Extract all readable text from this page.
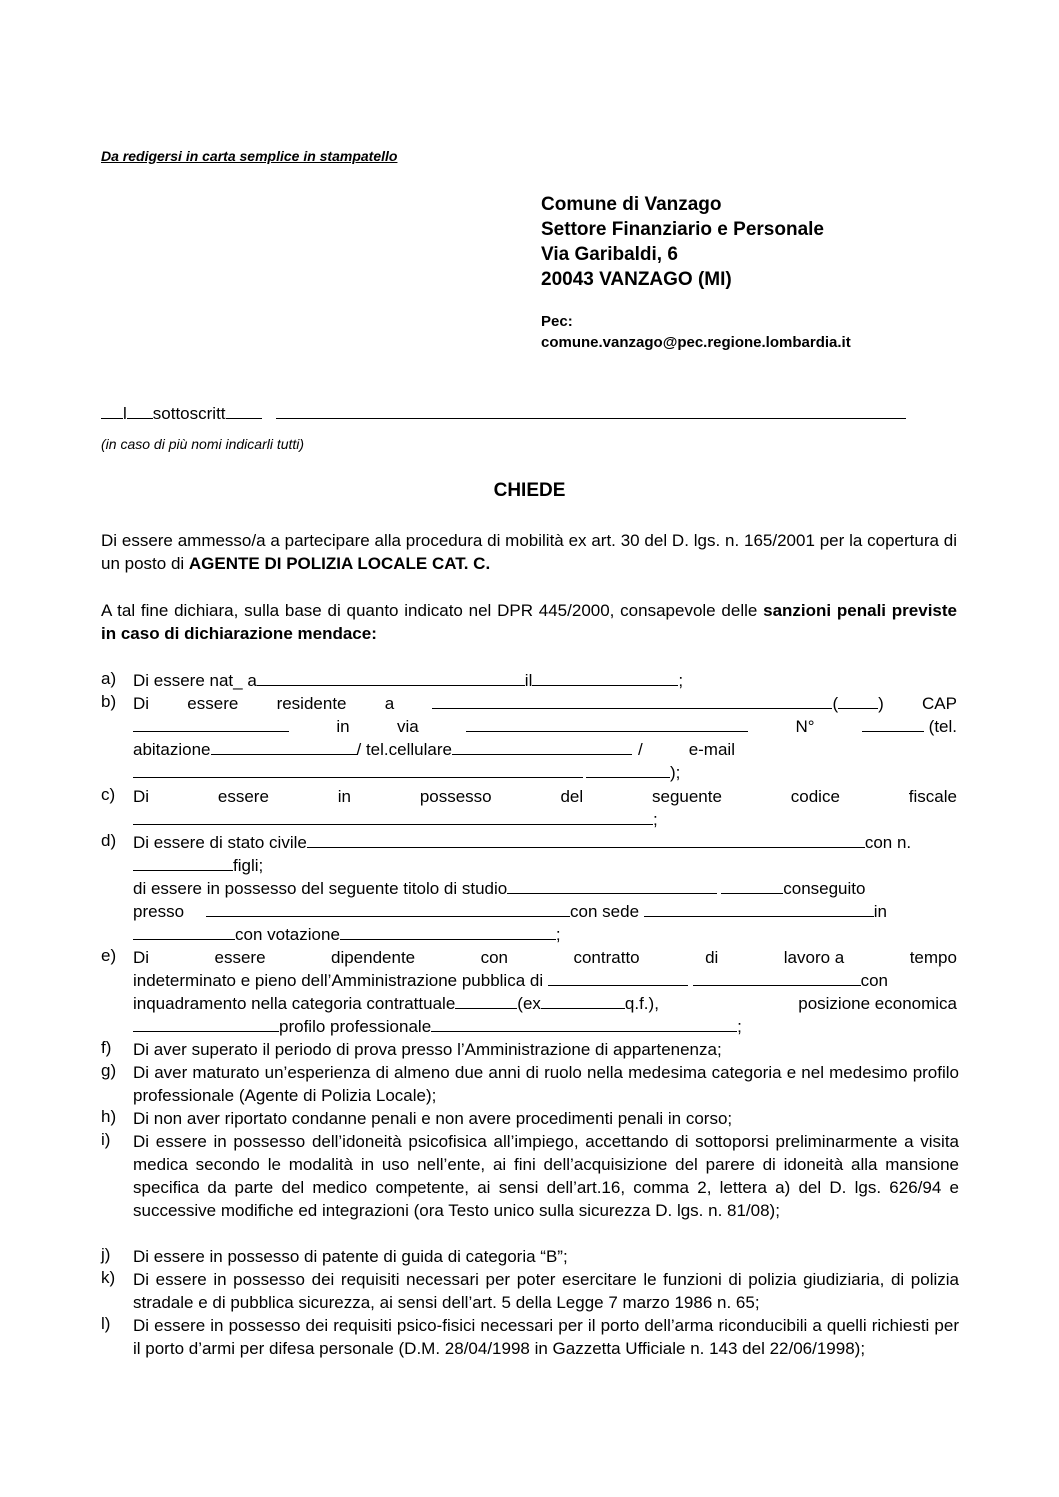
Da redigersi in carta semplice in stampatello
Comune di Vanzago
Settore Finanziario e Personale
Via Garibaldi, 6
20043 VANZAGO (MI)
Pec:
comune.vanzago@pec.regione.lombardia.it
l sottoscritt
(in caso di più nomi indicarli tutti)
CHIEDE
Di essere ammesso/a a partecipare alla procedura di mobilità ex art. 30 del D. lgs. n. 165/2001 per la copertura di un posto di AGENTE DI POLIZIA LOCALE CAT. C.
A tal fine dichiara, sulla base di quanto indicato nel DPR 445/2000, consapevole delle sanzioni penali previste in caso di dichiarazione mendace:
a) Di essere nat_ a	il	;
b) Di essere residente a	( ) CAP
in	via	N°	(tel.
abitazione	/ tel.cellulare	/	e-mail
);
c) Di	essere	in	possesso	del	seguente	codice	fiscale
;
d) Di essere di stato civile	con n.
figli;
di essere in possesso del seguente titolo di studio	conseguito
presso	con sede	in
con votazione	;
e) Di	essere	dipendente	con	contratto	di	lavoro a	tempo
indeterminato e pieno dell’Amministrazione pubblica di	con
inquadramento nella categoria contrattuale	(ex	q.f.),	posizione economica
profilo professionale	;
f) Di aver superato il periodo di prova presso l’Amministrazione di appartenenza;
g) Di aver maturato un’esperienza di almeno due anni di ruolo nella medesima categoria e nel medesimo profilo professionale (Agente di Polizia Locale);
h) Di non aver riportato condanne penali e non avere procedimenti penali in corso;
i) Di essere in possesso dell’idoneità psicofisica all’impiego, accettando di sottoporsi preliminarmente a visita medica secondo le modalità in uso nell’ente, ai fini dell’acquisizione del parere di idoneità alla mansione specifica da parte del medico competente, ai sensi dell’art.16, comma 2, lettera a) del D. lgs. 626/94 e successive modifiche ed integrazioni (ora Testo unico sulla sicurezza D. lgs. n. 81/08);
j) Di essere in possesso di patente di guida di categoria “B”;
k) Di essere in possesso dei requisiti necessari per poter esercitare le funzioni di polizia giudiziaria, di polizia stradale e di pubblica sicurezza, ai sensi dell’art. 5 della Legge 7 marzo 1986 n. 65;
l) Di essere in possesso dei requisiti psico-fisici necessari per il porto dell’arma riconducibili a quelli richiesti per il porto d’armi per difesa personale (D.M. 28/04/1998 in Gazzetta Ufficiale n. 143 del 22/06/1998);
